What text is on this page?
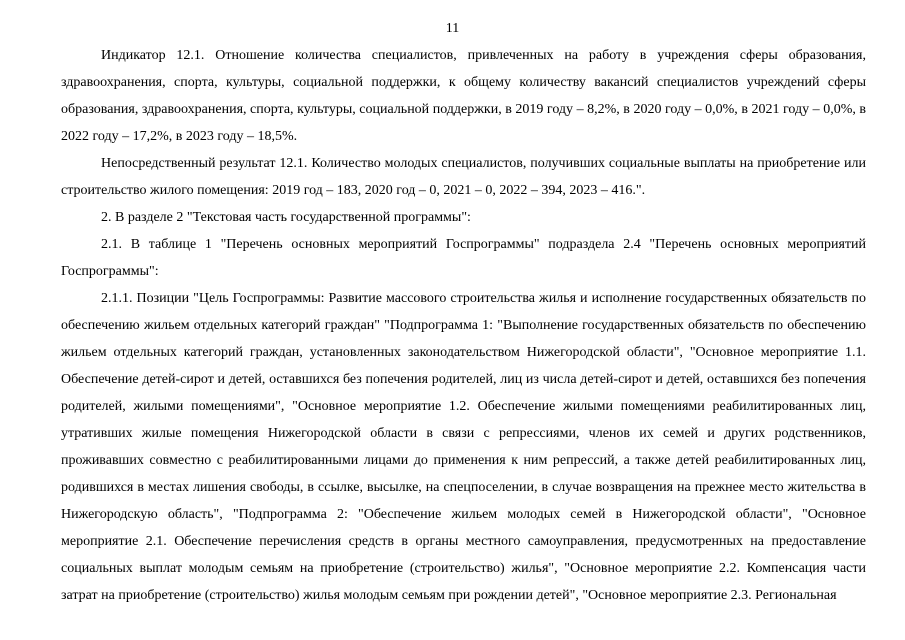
11

Индикатор 12.1. Отношение количества специалистов, привлеченных на работу в учреждения сферы образования, здравоохранения, спорта, культуры, социальной поддержки, к общему количеству вакансий специалистов учреждений сферы образования, здравоохранения, спорта, культуры, социальной поддержки, в 2019 году – 8,2%, в 2020 году – 0,0%, в 2021 году – 0,0%, в 2022 году – 17,2%, в 2023 году – 18,5%.

Непосредственный результат 12.1. Количество молодых специалистов, получивших социальные выплаты на приобретение или строительство жилого помещения: 2019 год – 183, 2020 год – 0, 2021 – 0, 2022 – 394, 2023 – 416.".

2. В разделе 2 "Текстовая часть государственной программы":

2.1. В таблице 1 "Перечень основных мероприятий Госпрограммы" подраздела 2.4 "Перечень основных мероприятий Госпрограммы":

2.1.1. Позиции "Цель Госпрограммы: Развитие массового строительства жилья и исполнение государственных обязательств по обеспечению жильем отдельных категорий граждан" "Подпрограмма 1: "Выполнение государственных обязательств по обеспечению жильем отдельных категорий граждан, установленных законодательством Нижегородской области", "Основное мероприятие 1.1. Обеспечение детей-сирот и детей, оставшихся без попечения родителей, лиц из числа детей-сирот и детей, оставшихся без попечения родителей, жилыми помещениями", "Основное мероприятие 1.2. Обеспечение жилыми помещениями реабилитированных лиц, утративших жилые помещения Нижегородской области в связи с репрессиями, членов их семей и других родственников, проживавших совместно с реабилитированными лицами до применения к ним репрессий, а также детей реабилитированных лиц, родившихся в местах лишения свободы, в ссылке, высылке, на спецпоселении, в случае возвращения на прежнее место жительства в Нижегородскую область", "Подпрограмма 2: "Обеспечение жильем молодых семей в Нижегородской области", "Основное мероприятие 2.1. Обеспечение перечисления средств в органы местного самоуправления, предусмотренных на предоставление социальных выплат молодым семьям на приобретение (строительство) жилья", "Основное мероприятие 2.2. Компенсация части затрат на приобретение (строительство) жилья молодым семьям при рождении детей", "Основное мероприятие 2.3. Региональная
